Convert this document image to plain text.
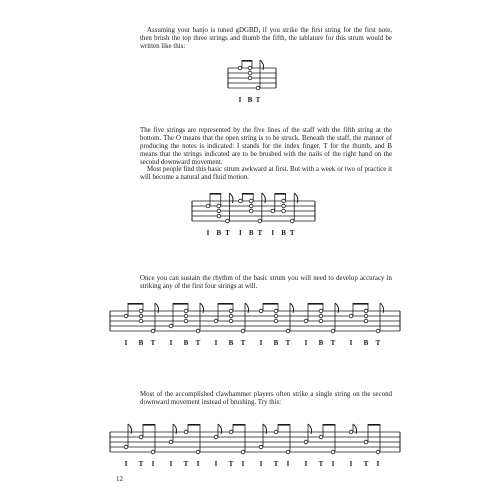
Assuming your banjo is tuned gDGBD, if you strike the first string for the first note, then brush the top three strings and thumb the fifth, the tablature for this strum would be written like this:

I B T

The five strings are represented by the five lines of the staff with the fifth string at the bottom. The O means that the open string is to be struck. Beneath the staff, the manner of producing the notes is indicated: I stands for the index finger, T for the thumb, and B means that the strings indicated are to be brushed with the nails of the right hand on the second downward movement.

Most people find this basic strum awkward at first. But with a week or two of practice it will become a natural and fluid motion.

I B T I B T I B T

Once you can sustain the rhythm of the basic strum you will need to develop accuracy in striking any of the first four strings at will.

I B T I B T I B T I B T I B T I B T

Most of the accomplished clawhammer players often strike a single string on the second downward movement instead of brushing. Try this:

I T I I T I I T I I T I I T I I T I
12
